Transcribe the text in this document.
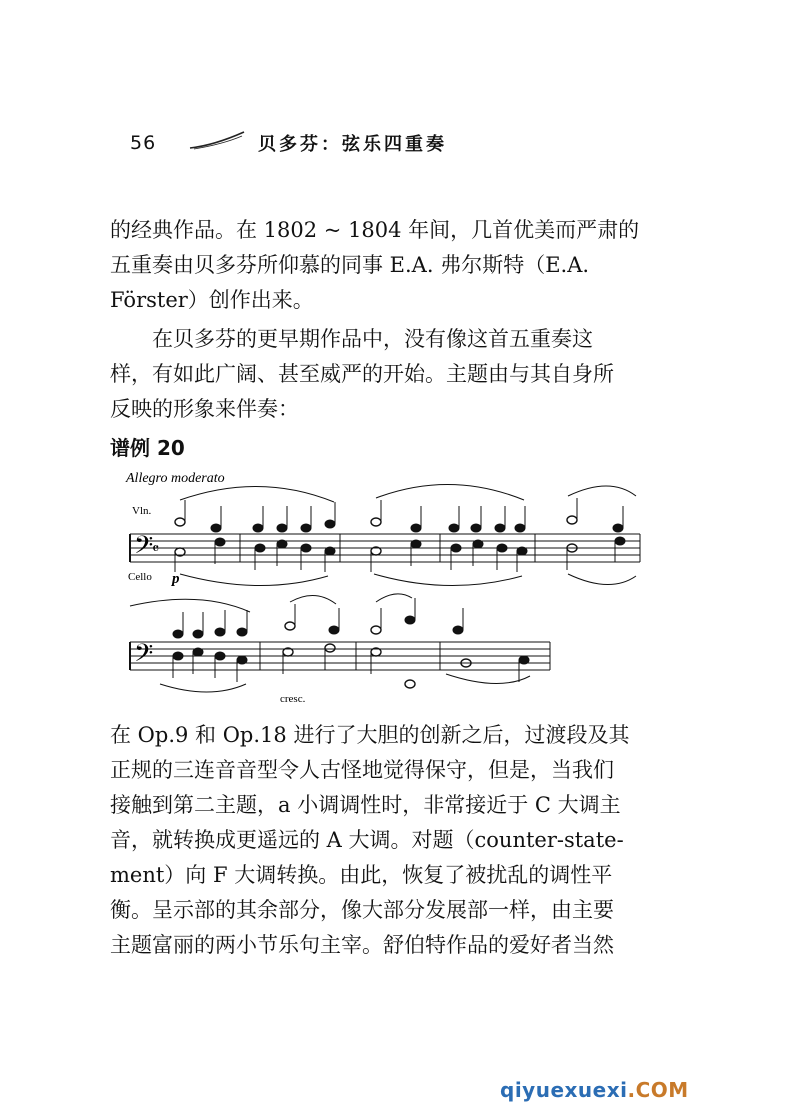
56	贝多芬：弦乐四重奏

的经典作品。在 1802 ~ 1804 年间，几首优美而严肃的
五重奏由贝多芬所仰慕的同事 E.A. 弗尔斯特（E.A.
Förster）创作出来。

　　在贝多芬的更早期作品中，没有像这首五重奏这
样，有如此广阔、甚至威严的开始。主题由与其自身所
反映的形象来伴奏：

谱例 20
Allegro moderato
Vln.
Cello p
cresc.
𝄢
𝄴
𝄢

在 Op.9 和 Op.18 进行了大胆的创新之后，过渡段及其
正规的三连音音型令人古怪地觉得保守，但是，当我们
接触到第二主题，a 小调调性时，非常接近于 C 大调主
音，就转换成更遥远的 A 大调。对题（counter-state-
ment）向 F 大调转换。由此，恢复了被扰乱的调性平
衡。呈示部的其余部分，像大部分发展部一样，由主要
主题富丽的两小节乐句主宰。舒伯特作品的爱好者当然

qiyuexuexi.COM
